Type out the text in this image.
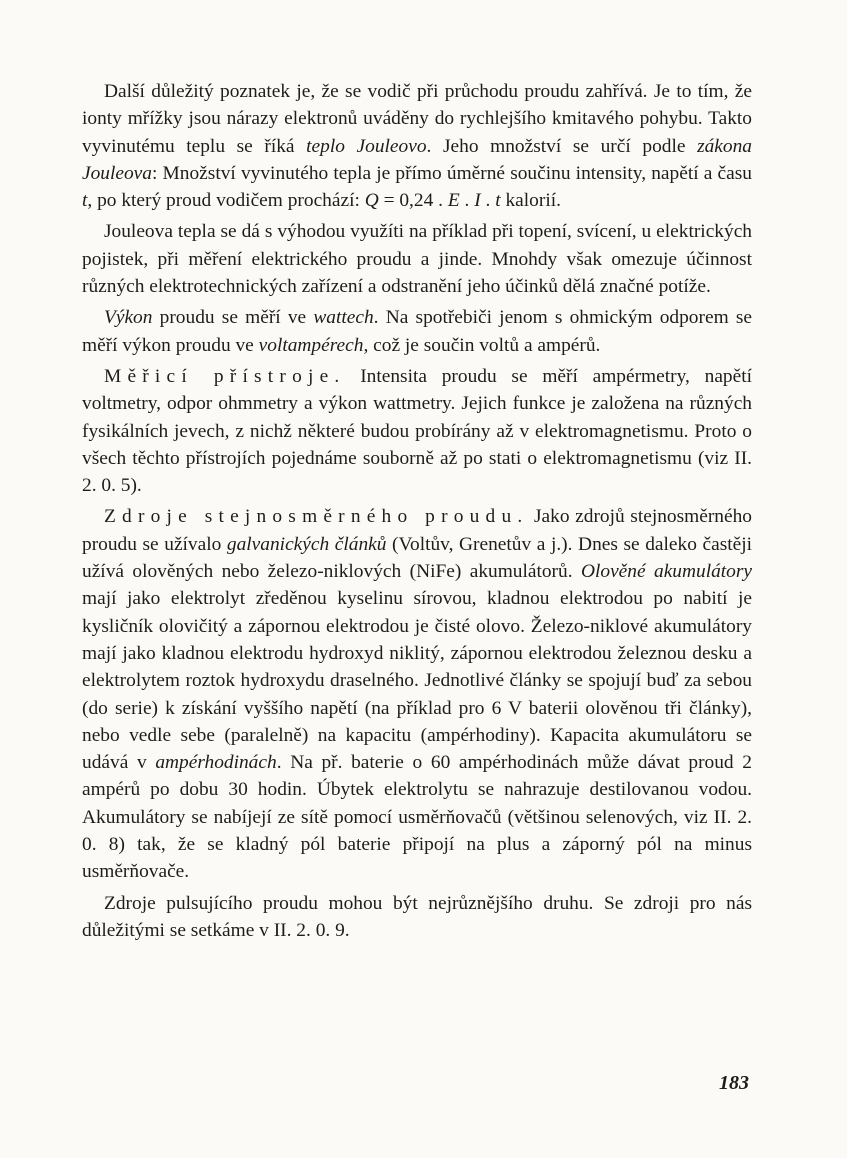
Další důležitý poznatek je, že se vodič při průchodu proudu zahřívá. Je to tím, že ionty mřížky jsou nárazy elektronů uváděny do rychlejšího kmitavého pohybu. Takto vyvinutému teplu se říká teplo Jouleovo. Jeho množství se určí podle zákona Jouleova: Množství vyvinutého tepla je přímo úměrné součinu intensity, napětí a času t, po který proud vodičem prochází: Q = 0,24 . E . I . t kalorií.

Jouleova tepla se dá s výhodou využíti na příklad při topení, svícení, u elektrických pojistek, při měření elektrického proudu a jinde. Mnohdy však omezuje účinnost různých elektrotechnických zařízení a odstranění jeho účinků dělá značné potíže.

Výkon proudu se měří ve wattech. Na spotřebiči jenom s ohmickým odporem se měří výkon proudu ve voltampérech, což je součin voltů a ampérů.

Měřicí přístroje. Intensita proudu se měří ampérmetry, napětí voltmetry, odpor ohmmetry a výkon wattmetry. Jejich funkce je založena na různých fysikálních jevech, z nichž některé budou probírány až v elektromagnetismu. Proto o všech těchto přístrojích pojednáme souborně až po stati o elektromagnetismu (viz II. 2. 0. 5).

Zdroje stejnosměrného proudu. Jako zdrojů stejnosměrného proudu se užívalo galvanických článků (Voltův, Grenetův a j.). Dnes se daleko častěji užívá olověných nebo železo-niklových (NiFe) akumulátorů. Olověné akumulátory mají jako elektrolyt zředěnou kyselinu sírovou, kladnou elektrodou po nabití je kysličník olovičitý a zápornou elektrodou je čisté olovo. Železo-niklové akumulátory mají jako kladnou elektrodu hydroxyd niklitý, zápornou elektrodou železnou desku a elektrolytem roztok hydroxydu draselného. Jednotlivé články se spojují buď za sebou (do serie) k získání vyššího napětí (na příklad pro 6 V baterii olověnou tři články), nebo vedle sebe (paralelně) na kapacitu (ampérhodiny). Kapacita akumulátoru se udává v ampérhodinách. Na př. baterie o 60 ampérhodinách může dávat proud 2 ampérů po dobu 30 hodin. Úbytek elektrolytu se nahrazuje destilovanou vodou. Akumulátory se nabíjejí ze sítě pomocí usměrňovačů (většinou selenových, viz II. 2. 0. 8) tak, že se kladný pól baterie připojí na plus a záporný pól na minus usměrňovače.

Zdroje pulsujícího proudu mohou být nejrůznějšího druhu. Se zdroji pro nás důležitými se setkáme v II. 2. 0. 9.

183
